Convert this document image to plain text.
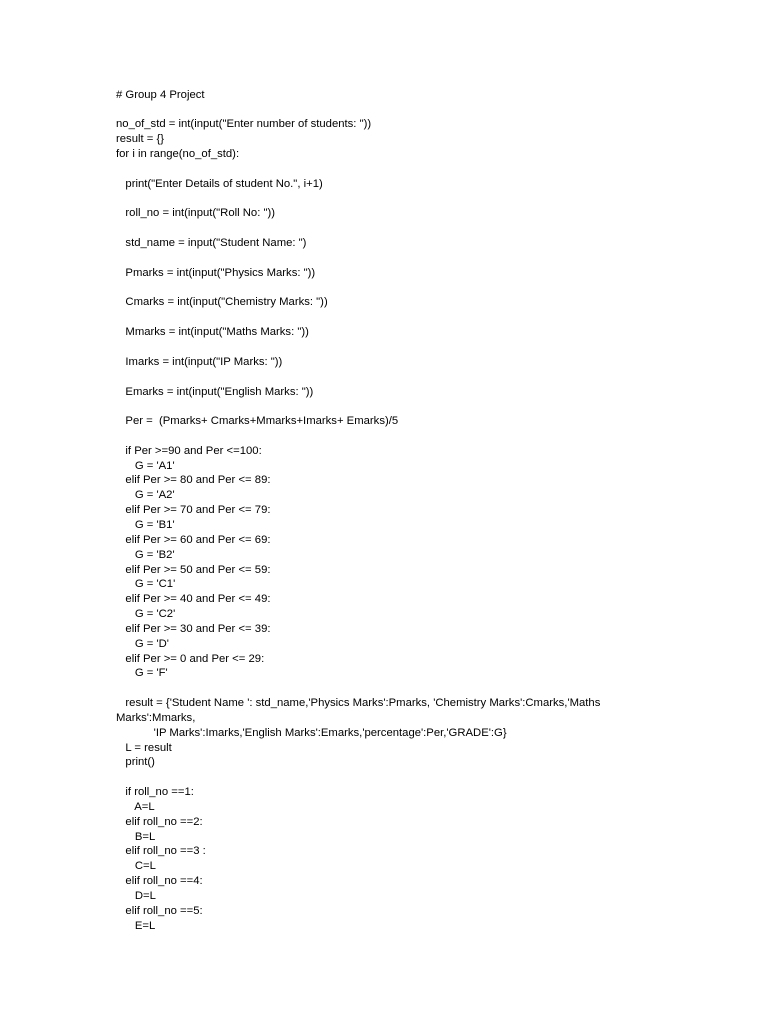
# Group 4 Project
no_of_std = int(input("Enter number of students: "))
result = {}
for i in range(no_of_std):
print("Enter Details of student No.", i+1)
roll_no = int(input("Roll No: "))
std_name = input("Student Name: ")
Pmarks = int(input("Physics Marks: "))
Cmarks = int(input("Chemistry Marks: "))
Mmarks = int(input("Maths Marks: "))
Imarks = int(input("IP Marks: "))
Emarks = int(input("English Marks: "))
Per =  (Pmarks+ Cmarks+Mmarks+Imarks+ Emarks)/5
if Per >=90 and Per <=100:
G = 'A1'
elif Per >= 80 and Per <= 89:
G = 'A2'
elif Per >= 70 and Per <= 79:
G = 'B1'
elif Per >= 60 and Per <= 69:
G = 'B2'
elif Per >= 50 and Per <= 59:
G = 'C1'
elif Per >= 40 and Per <= 49:
G = 'C2'
elif Per >= 30 and Per <= 39:
G = 'D'
elif Per >= 0 and Per <= 29:
G = 'F'
result = {'Student Name ': std_name,'Physics Marks':Pmarks, 'Chemistry Marks':Cmarks,'Maths
Marks':Mmarks,
'IP Marks':Imarks,'English Marks':Emarks,'percentage':Per,'GRADE':G}
L = result
print()
if roll_no ==1:
A=L
elif roll_no ==2:
B=L
elif roll_no ==3 :
C=L
elif roll_no ==4:
D=L
elif roll_no ==5:
E=L
